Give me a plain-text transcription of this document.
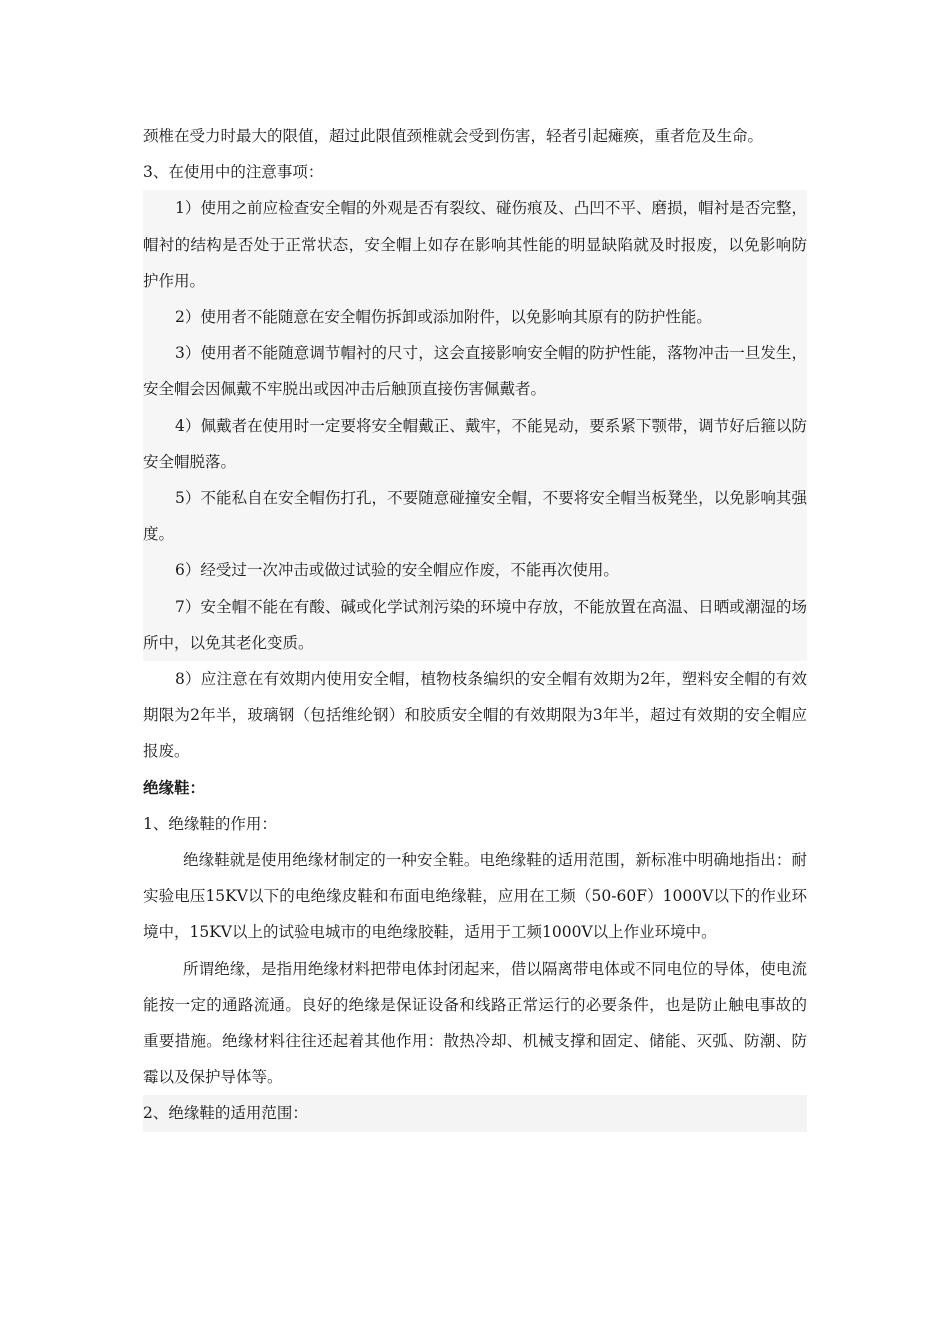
颈椎在受力时最大的限值，超过此限值颈椎就会受到伤害，轻者引起瘫痪，重者危及生命。

3、在使用中的注意事项：

1）使用之前应检查安全帽的外观是否有裂纹、碰伤痕及、凸凹不平、磨损，帽衬是否完整，帽衬的结构是否处于正常状态，安全帽上如存在影响其性能的明显缺陷就及时报废，以免影响防护作用。

2）使用者不能随意在安全帽伤拆卸或添加附件，以免影响其原有的防护性能。

3）使用者不能随意调节帽衬的尺寸，这会直接影响安全帽的防护性能，落物冲击一旦发生，安全帽会因佩戴不牢脱出或因冲击后触顶直接伤害佩戴者。

4）佩戴者在使用时一定要将安全帽戴正、戴牢，不能晃动，要系紧下颚带，调节好后箍以防安全帽脱落。

5）不能私自在安全帽伤打孔，不要随意碰撞安全帽，不要将安全帽当板凳坐，以免影响其强度。

6）经受过一次冲击或做过试验的安全帽应作废，不能再次使用。

7）安全帽不能在有酸、碱或化学试剂污染的环境中存放，不能放置在高温、日晒或潮湿的场所中，以免其老化变质。

8）应注意在有效期内使用安全帽，植物枝条编织的安全帽有效期为2年，塑料安全帽的有效期限为2年半，玻璃钢（包括维纶钢）和胶质安全帽的有效期限为3年半，超过有效期的安全帽应报废。

绝缘鞋：

1、绝缘鞋的作用：

绝缘鞋就是使用绝缘材制定的一种安全鞋。电绝缘鞋的适用范围，新标准中明确地指出：耐实验电压15KV以下的电绝缘皮鞋和布面电绝缘鞋，应用在工频（50-60F）1000V以下的作业环境中，15KV以上的试验电城市的电绝缘胶鞋，适用于工频1000V以上作业环境中。

所谓绝缘，是指用绝缘材料把带电体封闭起来，借以隔离带电体或不同电位的导体，使电流能按一定的通路流通。良好的绝缘是保证设备和线路正常运行的必要条件，也是防止触电事故的重要措施。绝缘材料往往还起着其他作用：散热冷却、机械支撑和固定、储能、灭弧、防潮、防霉以及保护导体等。

2、绝缘鞋的适用范围：
